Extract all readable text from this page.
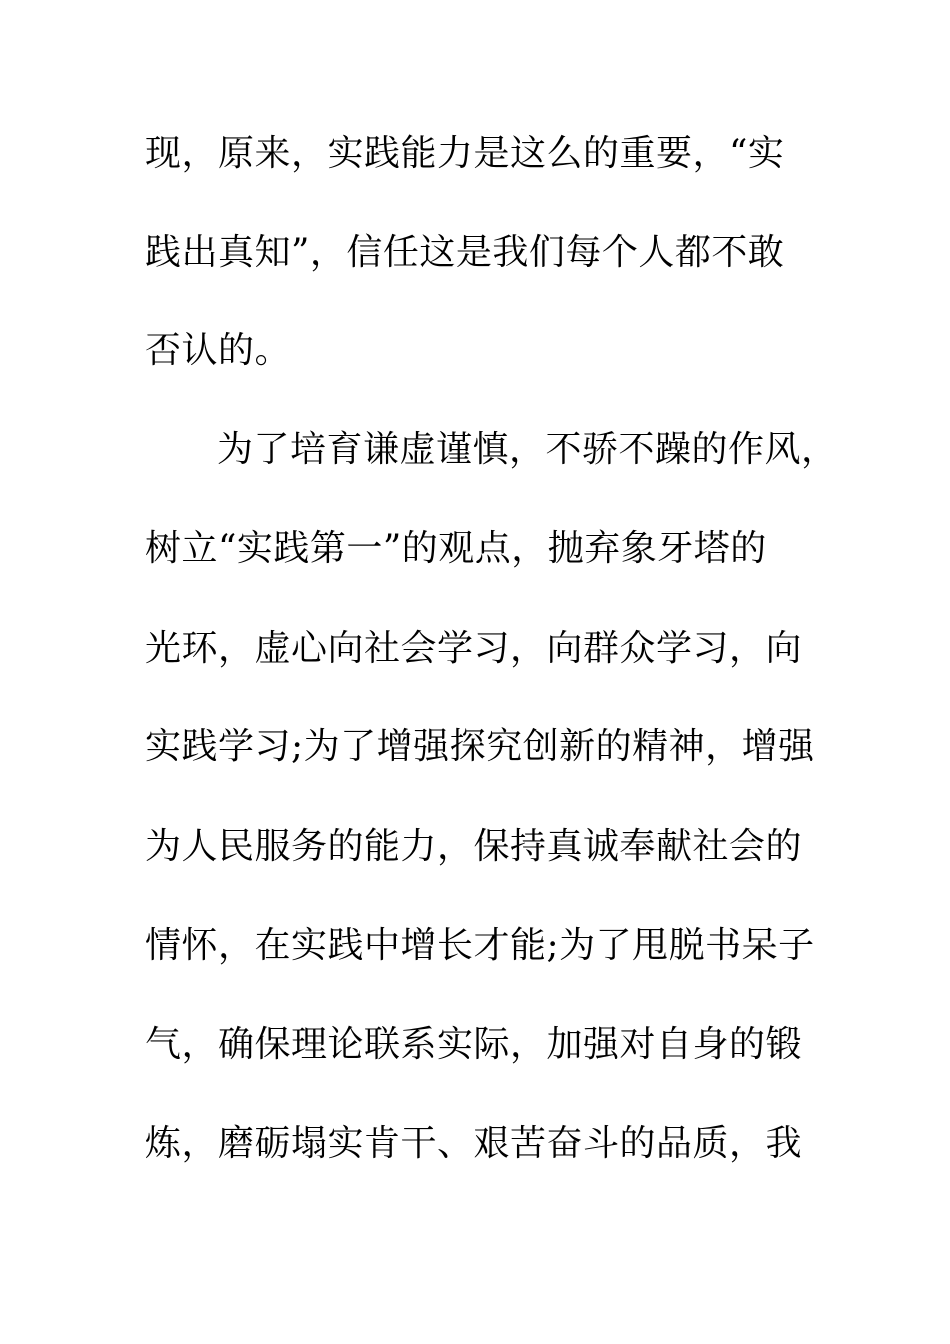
现，原来，实践能力是这么的重要，“实
践出真知”，信任这是我们每个人都不敢
否认的。
为了培育谦虚谨慎，不骄不躁的作风，
树立“实践第一”的观点，抛弃象牙塔的
光环，虚心向社会学习，向群众学习，向
实践学习;为了增强探究创新的精神，增强
为人民服务的能力，保持真诚奉献社会的
情怀，在实践中增长才能;为了甩脱书呆子
气，确保理论联系实际，加强对自身的锻
炼，磨砺塌实肯干、艰苦奋斗的品质，我
